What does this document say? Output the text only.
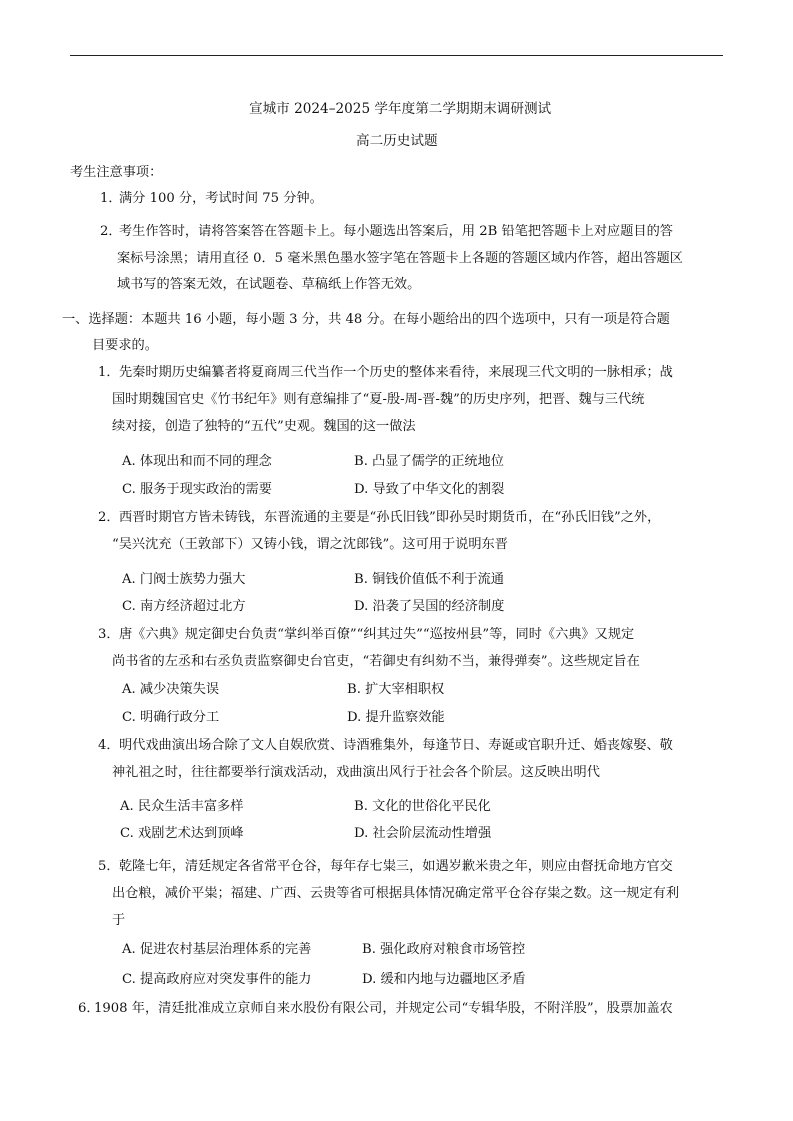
宣城市 2024–2025 学年度第二学期期末调研测试
高二历史试题
考生注意事项：
1．
满分 100 分，考试时间 75 分钟。
2．
考生作答时，请将答案答在答题卡上。每小题选出答案后，用 2B 铅笔把答题卡上对应题目的答
案标号涂黑；请用直径 0．5 毫米黑色墨水签字笔在答题卡上各题的答题区域内作答，超出答题区
域书写的答案无效，在试题卷、草稿纸上作答无效。
一、选择题：本题共 16 小题，每小题 3 分，共 48 分。在每小题给出的四个选项中，只有一项是符合题
目要求的。
1． 先秦时期历史编纂者将夏商周三代当作一个历史的整体来看待，来展现三代文明的一脉相承；战
国时期魏国官史《竹书纪年》则有意编排了“夏-殷-周-晋-魏”的历史序列，把晋、魏与三代统
续对接，创造了独特的“五代”史观。魏国的这一做法
A. 体现出和而不同的理念	B. 凸显了儒学的正统地位
C. 服务于现实政治的需要	D. 导致了中华文化的割裂
2． 西晋时期官方皆未铸钱，东晋流通的主要是“孙氏旧钱”即孙吴时期货币，在“孙氏旧钱”之外，
“吴兴沈充（王敦部下）又铸小钱，谓之沈郎钱”。这可用于说明东晋
A. 门阀士族势力强大	B. 铜钱价值低不利于流通
C. 南方经济超过北方	D. 沿袭了吴国的经济制度
3． 唐《六典》规定御史台负责“掌纠举百僚”“纠其过失”“巡按州县”等，同时《六典》又规定
尚书省的左丞和右丞负责监察御史台官吏，“若御史有纠劾不当，兼得弹奏”。这些规定旨在
A. 减少决策失误	B. 扩大宰相职权
C. 明确行政分工	D. 提升监察效能
4． 明代戏曲演出场合除了文人自娱欣赏、诗酒雅集外，每逢节日、寿诞或官职升迁、婚丧嫁娶、敬
神礼祖之时，往往都要举行演戏活动，戏曲演出风行于社会各个阶层。这反映出明代
A. 民众生活丰富多样	B. 文化的世俗化平民化
C. 戏剧艺术达到顶峰	D. 社会阶层流动性增强
5． 乾隆七年，清廷规定各省常平仓谷，每年存七粜三，如遇岁歉米贵之年，则应由督抚命地方官交
出仓粮，减价平粜；福建、广西、云贵等省可根据具体情况确定常平仓谷存粜之数。这一规定有利
于
A. 促进农村基层治理体系的完善	B. 强化政府对粮食市场管控
C. 提高政府应对突发事件的能力	D. 缓和内地与边疆地区矛盾
6．
1908 年，清廷批准成立京师自来水股份有限公司，并规定公司“专辑华股，不附洋股”，股票加盖农
